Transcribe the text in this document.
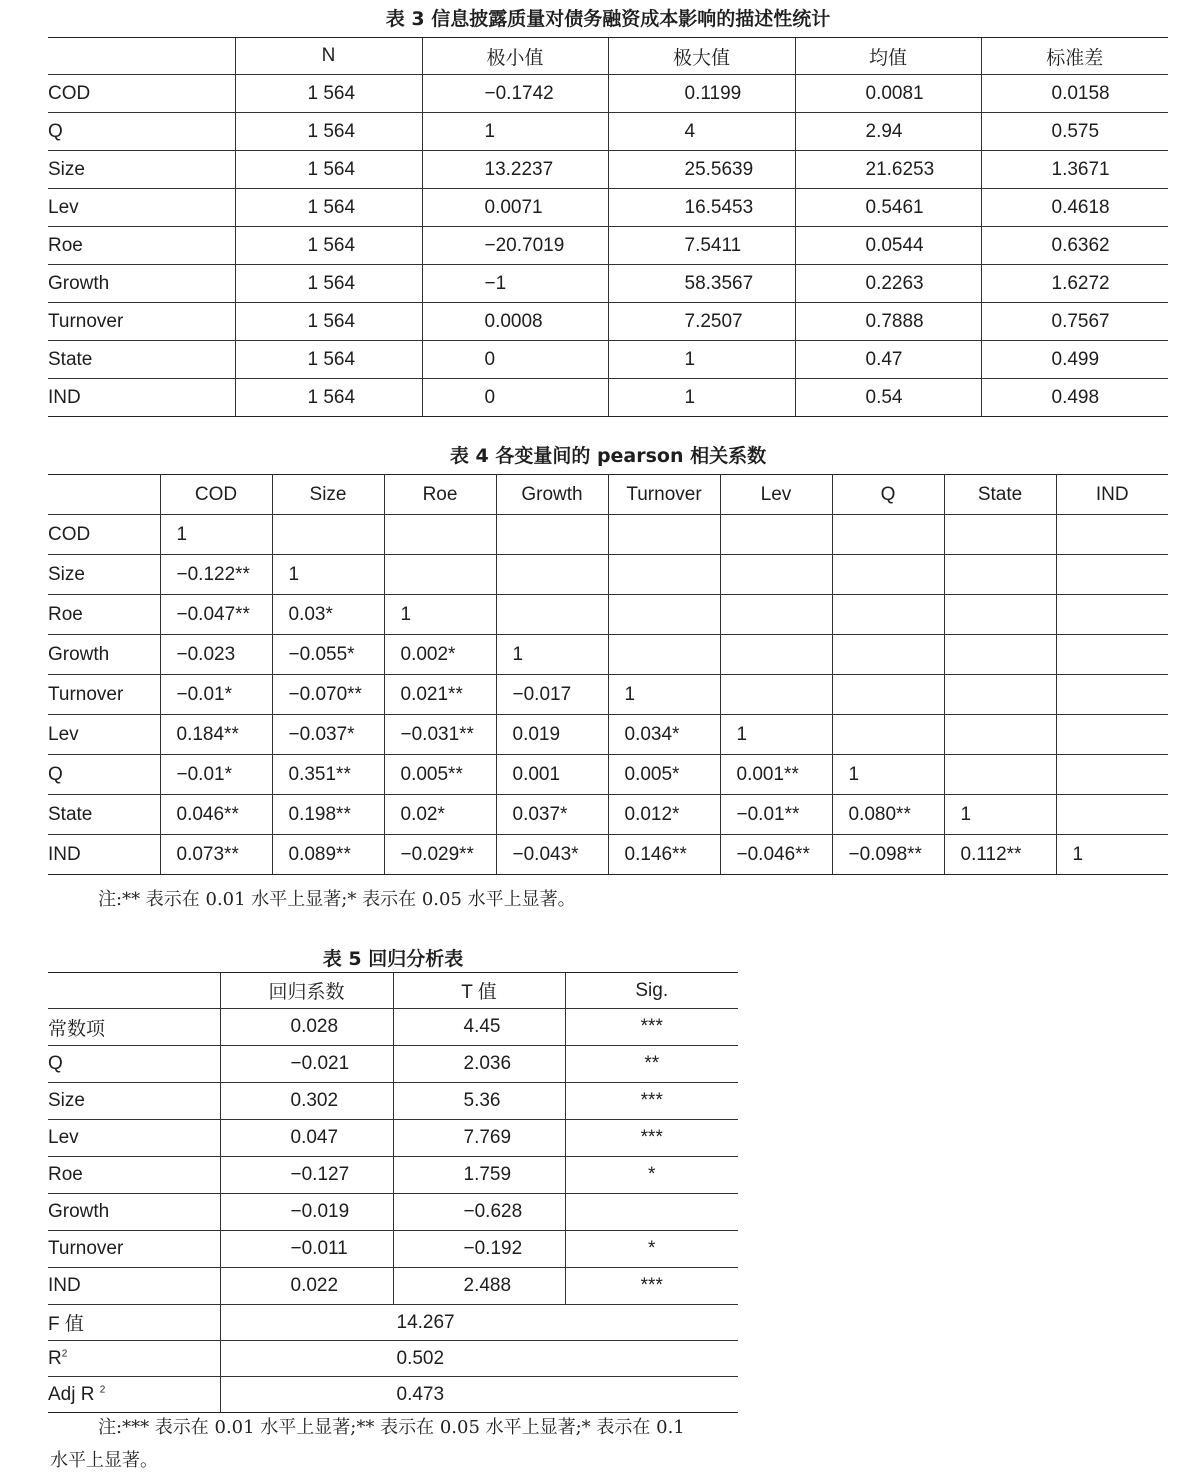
表 3 信息披露质量对债务融资成本影响的描述性统计
	N	极小值	极大值	均值	标准差
COD	1 564	−0.1742	0.1199	0.0081	0.0158
Q	1 564	1	4	2.94	0.575
Size	1 564	13.2237	25.5639	21.6253	1.3671
Lev	1 564	0.0071	16.5453	0.5461	0.4618
Roe	1 564	−20.7019	7.5411	0.0544	0.6362
Growth	1 564	−1	58.3567	0.2263	1.6272
Turnover	1 564	0.0008	7.2507	0.7888	0.7567
State	1 564	0	1	0.47	0.499
IND	1 564	0	1	0.54	0.498
表 4 各变量间的 pearson 相关系数
	COD	Size	Roe	Growth	Turnover	Lev	Q	State	IND
COD	1								
Size	−0.122**	1							
Roe	−0.047**	0.03*	1						
Growth	−0.023	−0.055*	0.002*	1					
Turnover	−0.01*	−0.070**	0.021**	−0.017	1				
Lev	0.184**	−0.037*	−0.031**	0.019	0.034*	1			
Q	−0.01*	0.351**	0.005**	0.001	0.005*	0.001**	1		
State	0.046**	0.198**	0.02*	0.037*	0.012*	−0.01**	0.080**	1	
IND	0.073**	0.089**	−0.029**	−0.043*	0.146**	−0.046**	−0.098**	0.112**	1
注:** 表示在 0.01 水平上显著;* 表示在 0.05 水平上显著。
表 5 回归分析表
	回归系数	T 值	Sig.
常数项	0.028	4.45	***
Q	−0.021	2.036	**
Size	0.302	5.36	***
Lev	0.047	7.769	***
Roe	−0.127	1.759	*
Growth	−0.019	−0.628	
Turnover	−0.011	−0.192	*
IND	0.022	2.488	***
F 值	14.267		
$R^2$	0.502		
Adj R $^2$	0.473		
注:*** 表示在 0.01 水平上显著;** 表示在 0.05 水平上显著;* 表示在 0.1
水平上显著。
